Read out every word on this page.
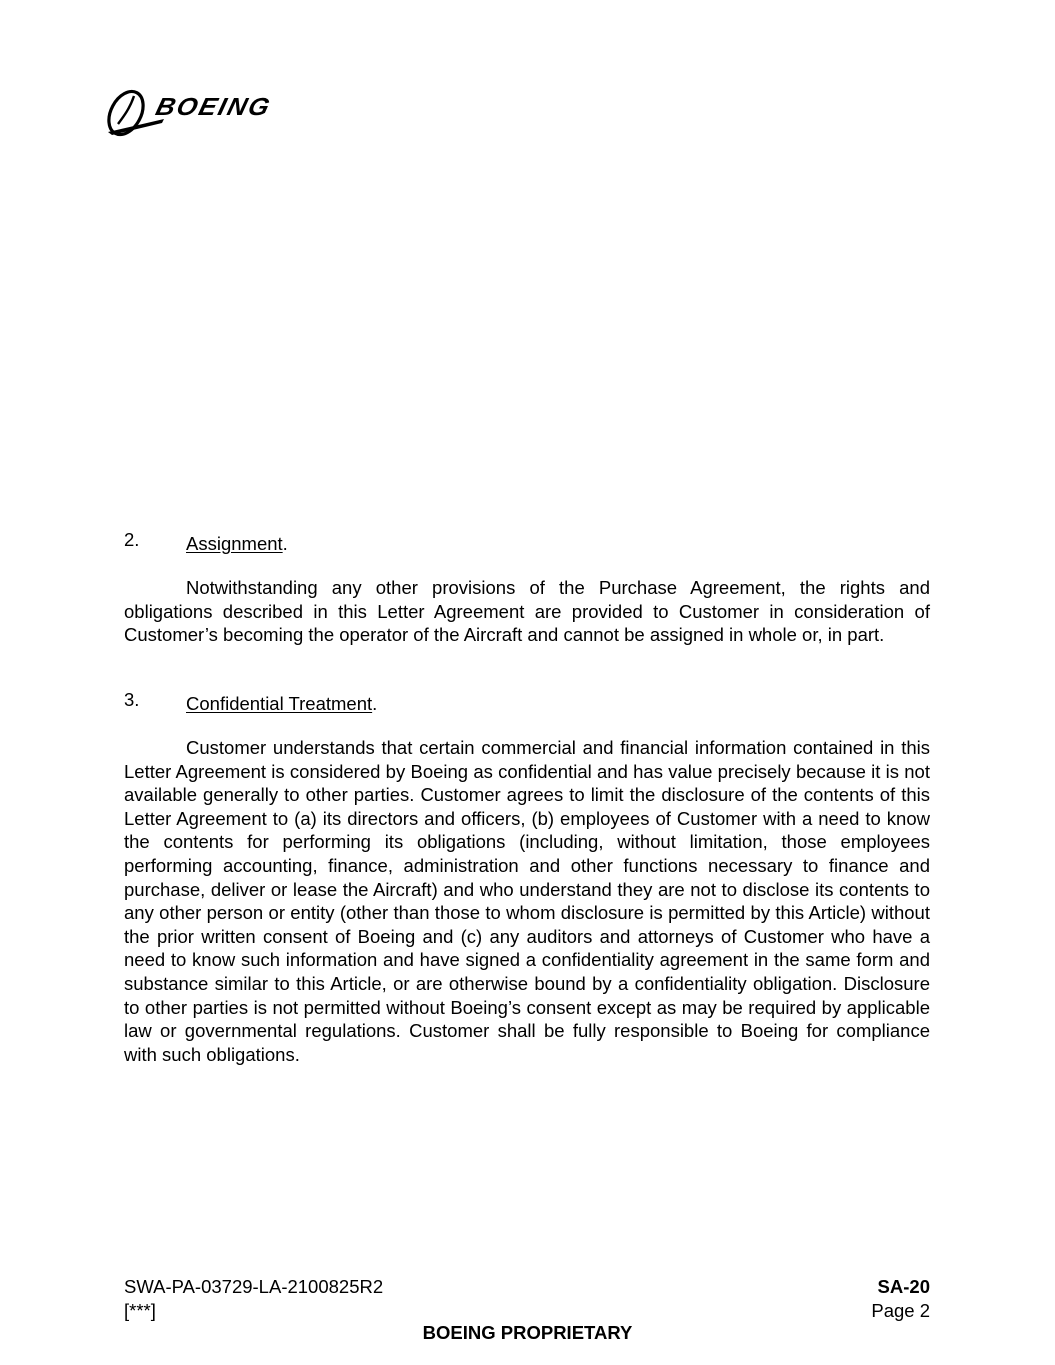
BOEING
2.	Assignment.

Notwithstanding any other provisions of the Purchase Agreement, the rights and obligations described in this Letter Agreement are provided to Customer in consideration of Customer’s becoming the operator of the Aircraft and cannot be assigned in whole or, in part.

3.	Confidential Treatment.

Customer understands that certain commercial and financial information contained in this Letter Agreement is considered by Boeing as confidential and has value precisely because it is not available generally to other parties. Customer agrees to limit the disclosure of the contents of this Letter Agreement to (a) its directors and officers, (b) employees of Customer with a need to know the contents for performing its obligations (including, without limitation, those employees performing accounting, finance, administration and other functions necessary to finance and purchase, deliver or lease the Aircraft) and who understand they are not to disclose its contents to any other person or entity (other than those to whom disclosure is permitted by this Article) without the prior written consent of Boeing and (c) any auditors and attorneys of Customer who have a need to know such information and have signed a confidentiality agreement in the same form and substance similar to this Article, or are otherwise bound by a confidentiality obligation. Disclosure to other parties is not permitted without Boeing’s consent except as may be required by applicable law or governmental regulations. Customer shall be fully responsible to Boeing for compliance with such obligations.

SWA-PA-03729-LA-2100825R2
[***]
SA-20
Page 2
BOEING PROPRIETARY
